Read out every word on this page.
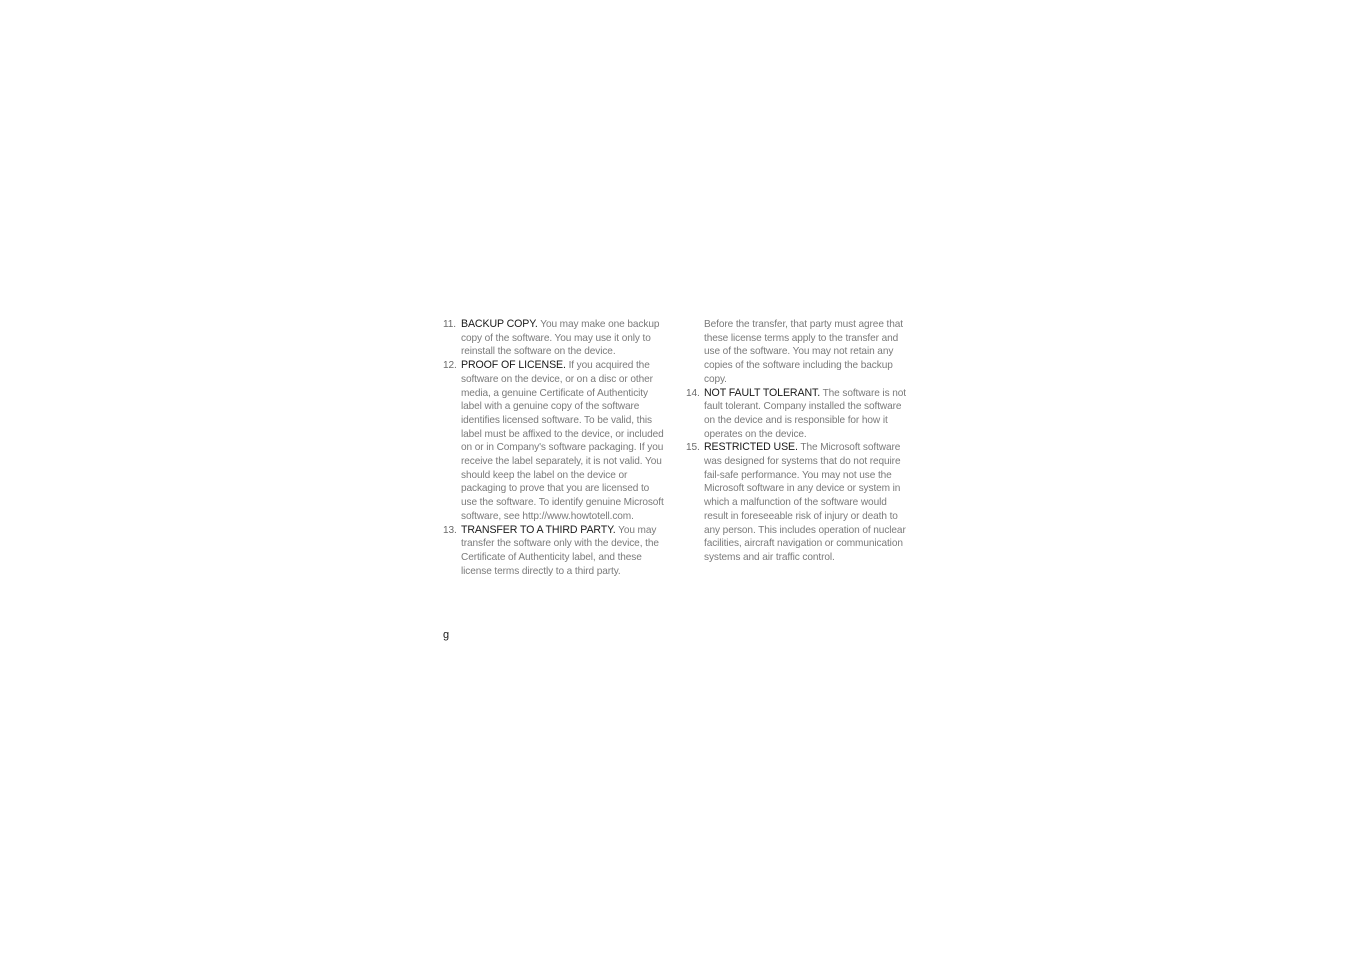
11. BACKUP COPY. You may make one backup copy of the software. You may use it only to reinstall the software on the device.
12. PROOF OF LICENSE. If you acquired the software on the device, or on a disc or other media, a genuine Certificate of Authenticity label with a genuine copy of the software identifies licensed software. To be valid, this label must be affixed to the device, or included on or in Company's software packaging. If you receive the label separately, it is not valid. You should keep the label on the device or packaging to prove that you are licensed to use the software. To identify genuine Microsoft software, see http://www.howtotell.com.
13. TRANSFER TO A THIRD PARTY. You may transfer the software only with the device, the Certificate of Authenticity label, and these license terms directly to a third party.
Before the transfer, that party must agree that these license terms apply to the transfer and use of the software. You may not retain any copies of the software including the backup copy.
14. NOT FAULT TOLERANT. The software is not fault tolerant. Company installed the software on the device and is responsible for how it operates on the device.
15. RESTRICTED USE. The Microsoft software was designed for systems that do not require fail-safe performance. You may not use the Microsoft software in any device or system in which a malfunction of the software would result in foreseeable risk of injury or death to any person. This includes operation of nuclear facilities, aircraft navigation or communication systems and air traffic control.
g
